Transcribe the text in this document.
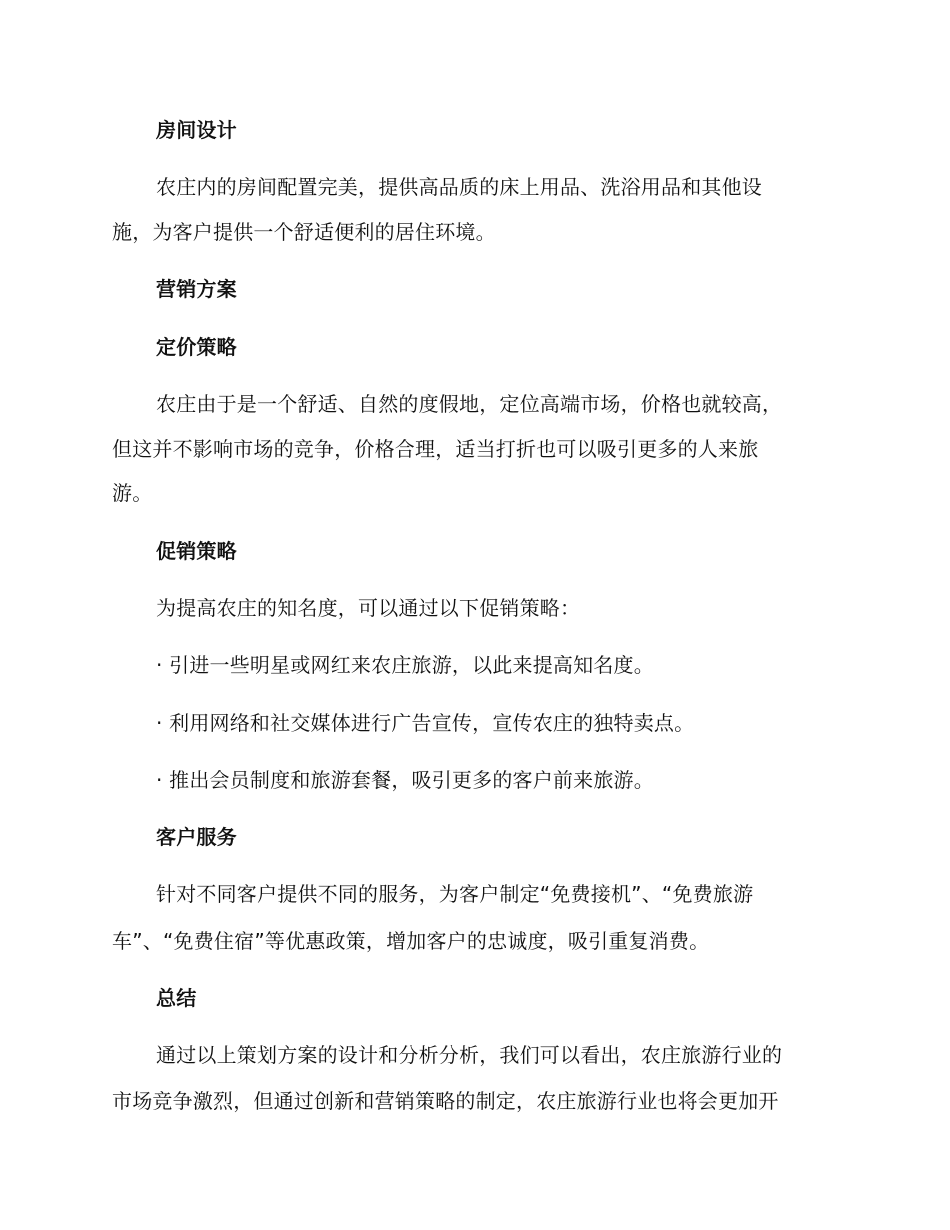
房间设计
农庄内的房间配置完美，提供高品质的床上用品、洗浴用品和其他设
施，为客户提供一个舒适便利的居住环境。
营销方案
定价策略
农庄由于是一个舒适、自然的度假地，定位高端市场，价格也就较高，
但这并不影响市场的竞争，价格合理，适当打折也可以吸引更多的人来旅
游。
促销策略
为提高农庄的知名度，可以通过以下促销策略：
· 引进一些明星或网红来农庄旅游，以此来提高知名度。
· 利用网络和社交媒体进行广告宣传，宣传农庄的独特卖点。
· 推出会员制度和旅游套餐，吸引更多的客户前来旅游。
客户服务
针对不同客户提供不同的服务，为客户制定“免费接机”、“免费旅游
车”、“免费住宿”等优惠政策，增加客户的忠诚度，吸引重复消费。
总结
通过以上策划方案的设计和分析分析，我们可以看出，农庄旅游行业的
市场竞争激烈，但通过创新和营销策略的制定，农庄旅游行业也将会更加开
